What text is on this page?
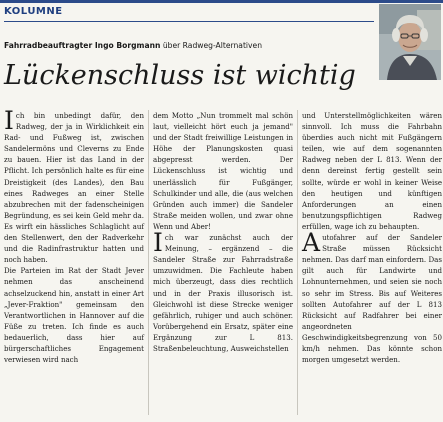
KOLUMNE
Fahrradbeauftragter Ingo Borgmann über Radweg-Alternativen
Lückenschluss ist wichtig
I ch bin unbedingt dafür, den Radweg, der ja in Wirklichkeit ein Rad- und Fußweg ist, zwischen Sandelermöns und Cleverns zu Ende zu bauen. Hier ist das Land in der Pflicht. Ich persönlich halte es für eine Dreistigkeit (des Landes), den Bau eines Radweges an einer Stelle abzubrechen mit der fadenscheinigen Begründung, es sei kein Geld mehr da. Es wirft ein hässliches Schlaglicht auf den Stellenwert, den der Radverkehr und die Radinfrastruktur hatten und noch haben.

Die Parteien im Rat der Stadt Jever nehmen das anscheinend achselzuckend hin, anstatt in einer Art „Jever-Fraktion" gemeinsam den Verantwortlichen in Hannover auf die Füße zu treten. Ich finde es auch bedauerlich, dass hier auf bürgerschaftliches Engagement verwiesen wird nach

dem Motto „Nun trommelt mal schön laut, vielleicht hört euch ja jemand" und der Stadt freiwillige Leistungen in Höhe der Planungskosten quasi abgepresst werden. Der Lückenschluss ist wichtig und unerlässlich für Fußgänger, Schulkinder und alle, die (aus welchen Gründen auch immer) die Sandeler Straße meiden wollen, und zwar ohne Wenn und Aber!

I ch war zunächst auch der Meinung, – ergänzend – die Sandeler Straße zur Fahrradstraße umzuwidmen. Die Fachleute haben mich überzeugt, dass dies rechtlich und in der Praxis illusorisch ist. Gleichwohl ist diese Strecke weniger gefährlich, ruhiger und auch schöner. Vorübergehend ein Ersatz, später eine Ergänzung zur L 813. Straßenbeleuchtung, Ausweichstellen

und Unterstellmöglichkeiten wären sinnvoll. Ich muss die Fahrbahn überdies auch nicht mit Fußgängern teilen, wie auf dem sogenannten Radweg neben der L 813. Wenn der denn dereinst fertig gestellt sein sollte, würde er wohl in keiner Weise den heutigen und künftigen Anforderungen an einen benutzungspflichtigen Radweg erfüllen, wage ich zu behaupten.

A utofahrer auf der Sandeler Straße müssen Rücksicht nehmen. Das darf man einfordern. Das gilt auch für Landwirte und Lohnunternehmen, und seien sie noch so sehr im Stress. Bis auf Weiteres sollten Autofahrer auf der L 813 Rücksicht auf Radfahrer bei einer angeordneten Geschwindigkeitsbegrenzung von 50 km/h nehmen. Das könnte schon morgen umgesetzt werden.
